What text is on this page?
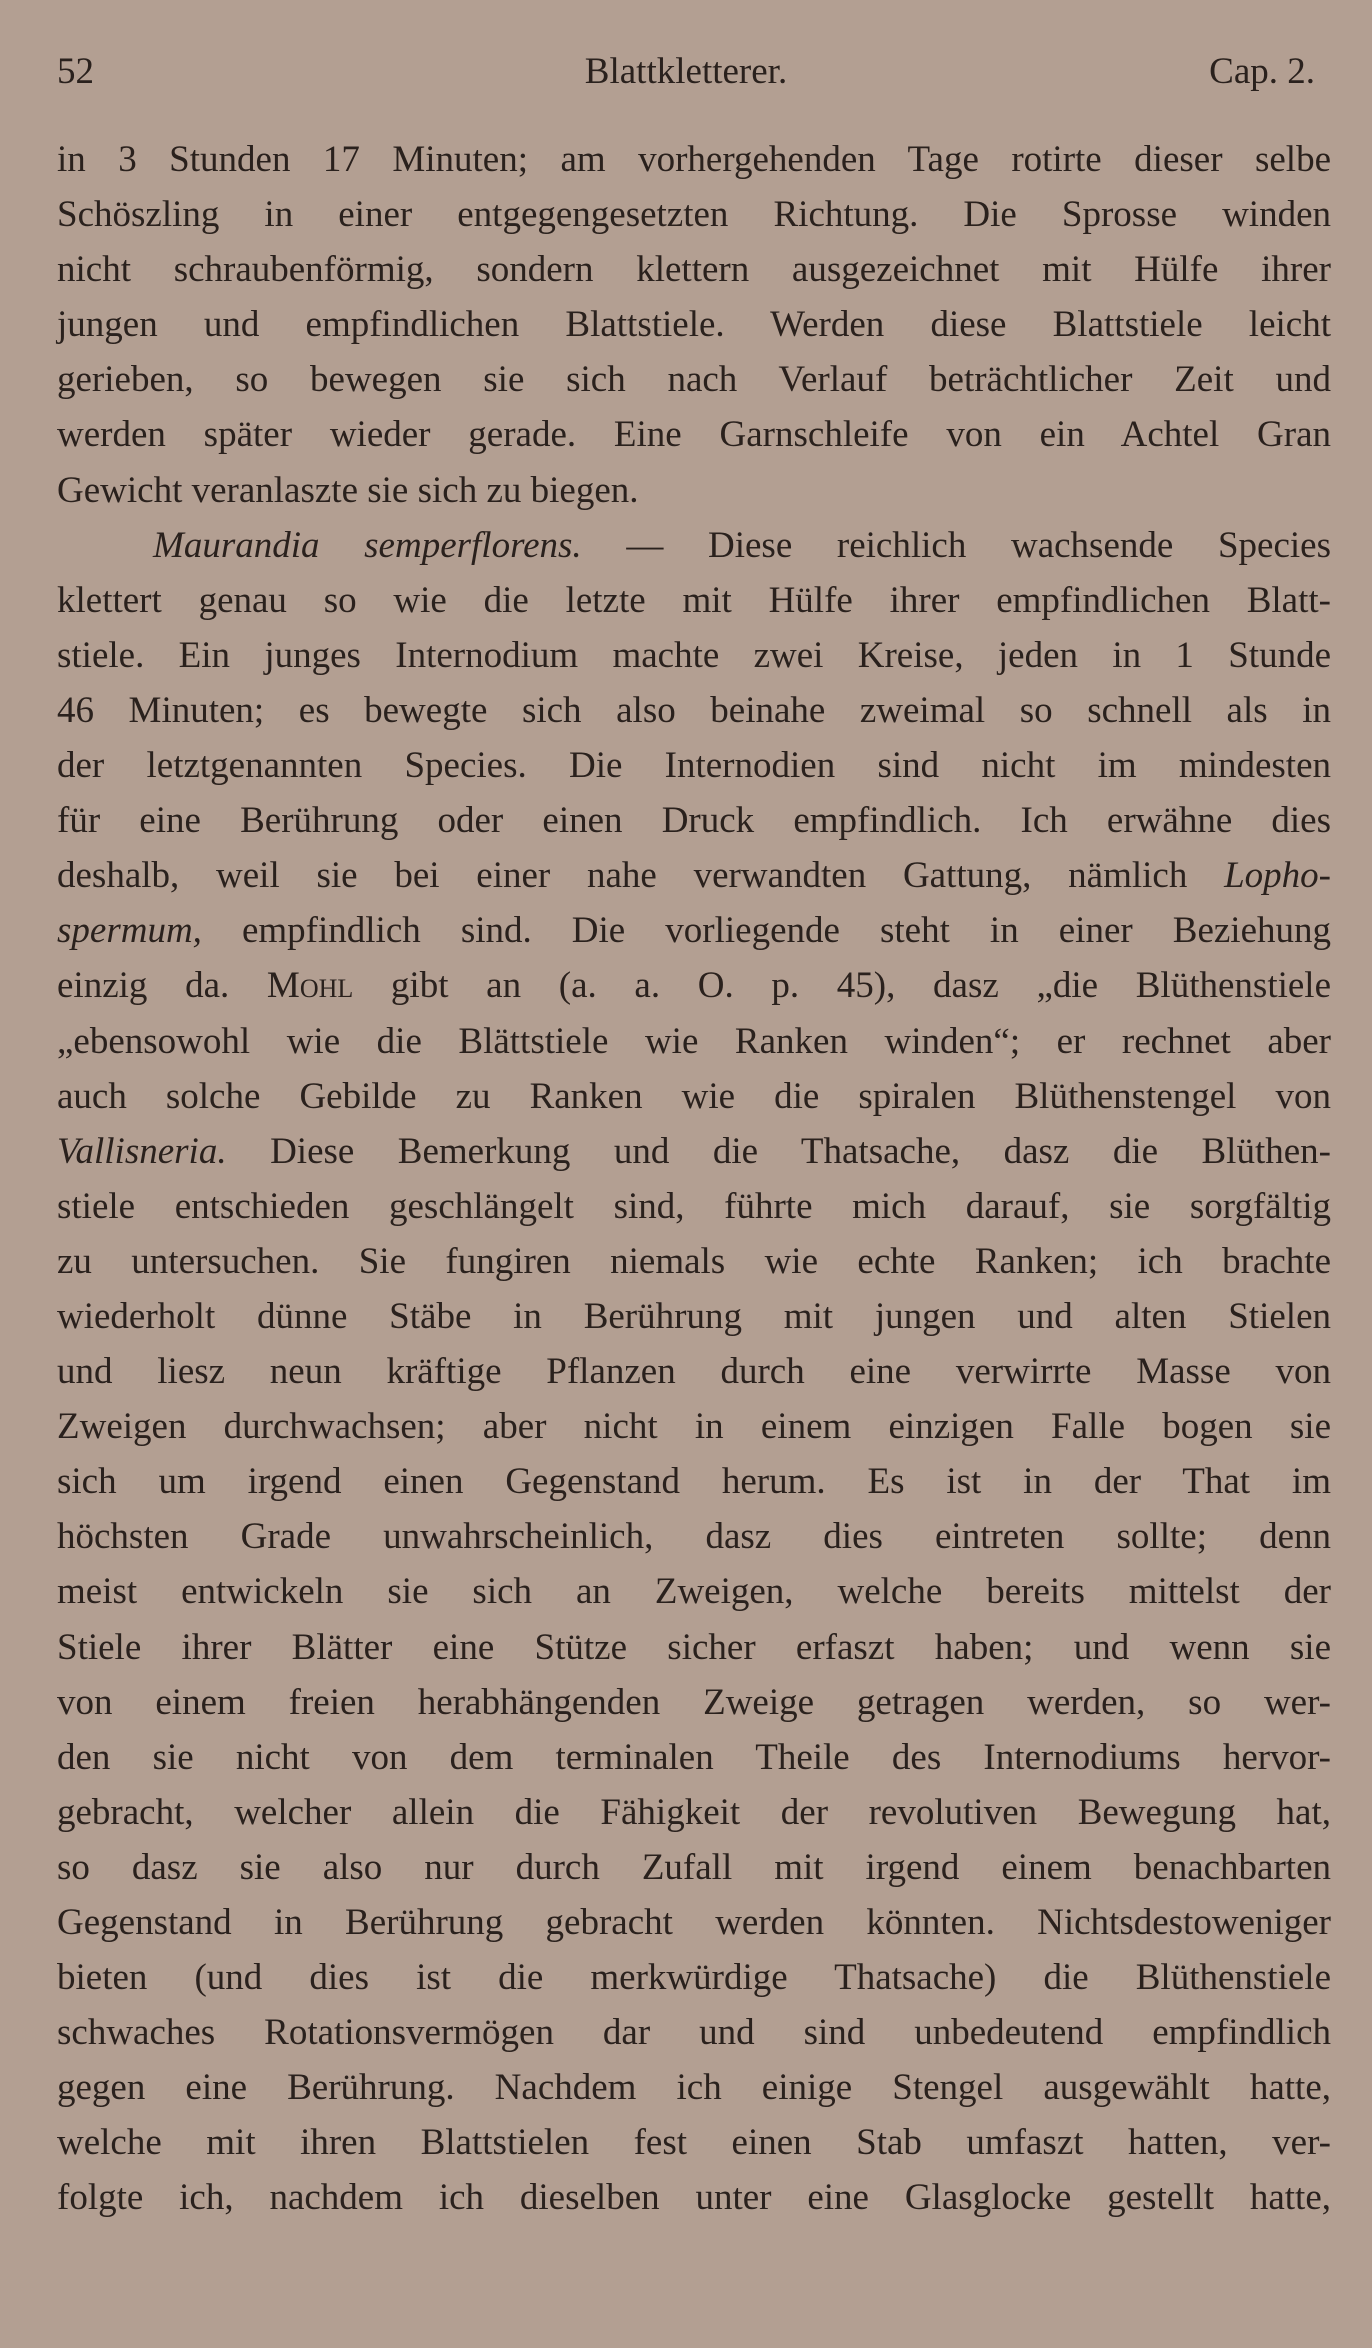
52	Blattkletterer.	Cap. 2.
in 3 Stunden 17 Minuten; am vorhergehenden Tage rotirte dieser selbe
Schöszling in einer entgegengesetzten Richtung. Die Sprosse winden
nicht schraubenförmig, sondern klettern ausgezeichnet mit Hülfe ihrer
jungen und empfindlichen Blattstiele. Werden diese Blattstiele leicht
gerieben, so bewegen sie sich nach Verlauf beträchtlicher Zeit und
werden später wieder gerade. Eine Garnschleife von ein Achtel Gran
Gewicht veranlaszte sie sich zu biegen.
Maurandia semperflorens. — Diese reichlich wachsende Species
klettert genau so wie die letzte mit Hülfe ihrer empfindlichen Blatt-
stiele. Ein junges Internodium machte zwei Kreise, jeden in 1 Stunde
46 Minuten; es bewegte sich also beinahe zweimal so schnell als in
der letztgenannten Species. Die Internodien sind nicht im mindesten
für eine Berührung oder einen Druck empfindlich. Ich erwähne dies
deshalb, weil sie bei einer nahe verwandten Gattung, nämlich Lopho-
spermum, empfindlich sind. Die vorliegende steht in einer Beziehung
einzig da. Mohl gibt an (a. a. O. p. 45), dasz „die Blüthenstiele
„ebensowohl wie die Blättstiele wie Ranken winden“; er rechnet aber
auch solche Gebilde zu Ranken wie die spiralen Blüthenstengel von
Vallisneria. Diese Bemerkung und die Thatsache, dasz die Blüthen-
stiele entschieden geschlängelt sind, führte mich darauf, sie sorgfältig
zu untersuchen. Sie fungiren niemals wie echte Ranken; ich brachte
wiederholt dünne Stäbe in Berührung mit jungen und alten Stielen
und liesz neun kräftige Pflanzen durch eine verwirrte Masse von
Zweigen durchwachsen; aber nicht in einem einzigen Falle bogen sie
sich um irgend einen Gegenstand herum. Es ist in der That im
höchsten Grade unwahrscheinlich, dasz dies eintreten sollte; denn
meist entwickeln sie sich an Zweigen, welche bereits mittelst der
Stiele ihrer Blätter eine Stütze sicher erfaszt haben; und wenn sie
von einem freien herabhängenden Zweige getragen werden, so wer-
den sie nicht von dem terminalen Theile des Internodiums hervor-
gebracht, welcher allein die Fähigkeit der revolutiven Bewegung hat,
so dasz sie also nur durch Zufall mit irgend einem benachbarten
Gegenstand in Berührung gebracht werden könnten. Nichtsdestoweniger
bieten (und dies ist die merkwürdige Thatsache) die Blüthenstiele
schwaches Rotationsvermögen dar und sind unbedeutend empfindlich
gegen eine Berührung. Nachdem ich einige Stengel ausgewählt hatte,
welche mit ihren Blattstielen fest einen Stab umfaszt hatten, ver-
folgte ich, nachdem ich dieselben unter eine Glasglocke gestellt hatte,
